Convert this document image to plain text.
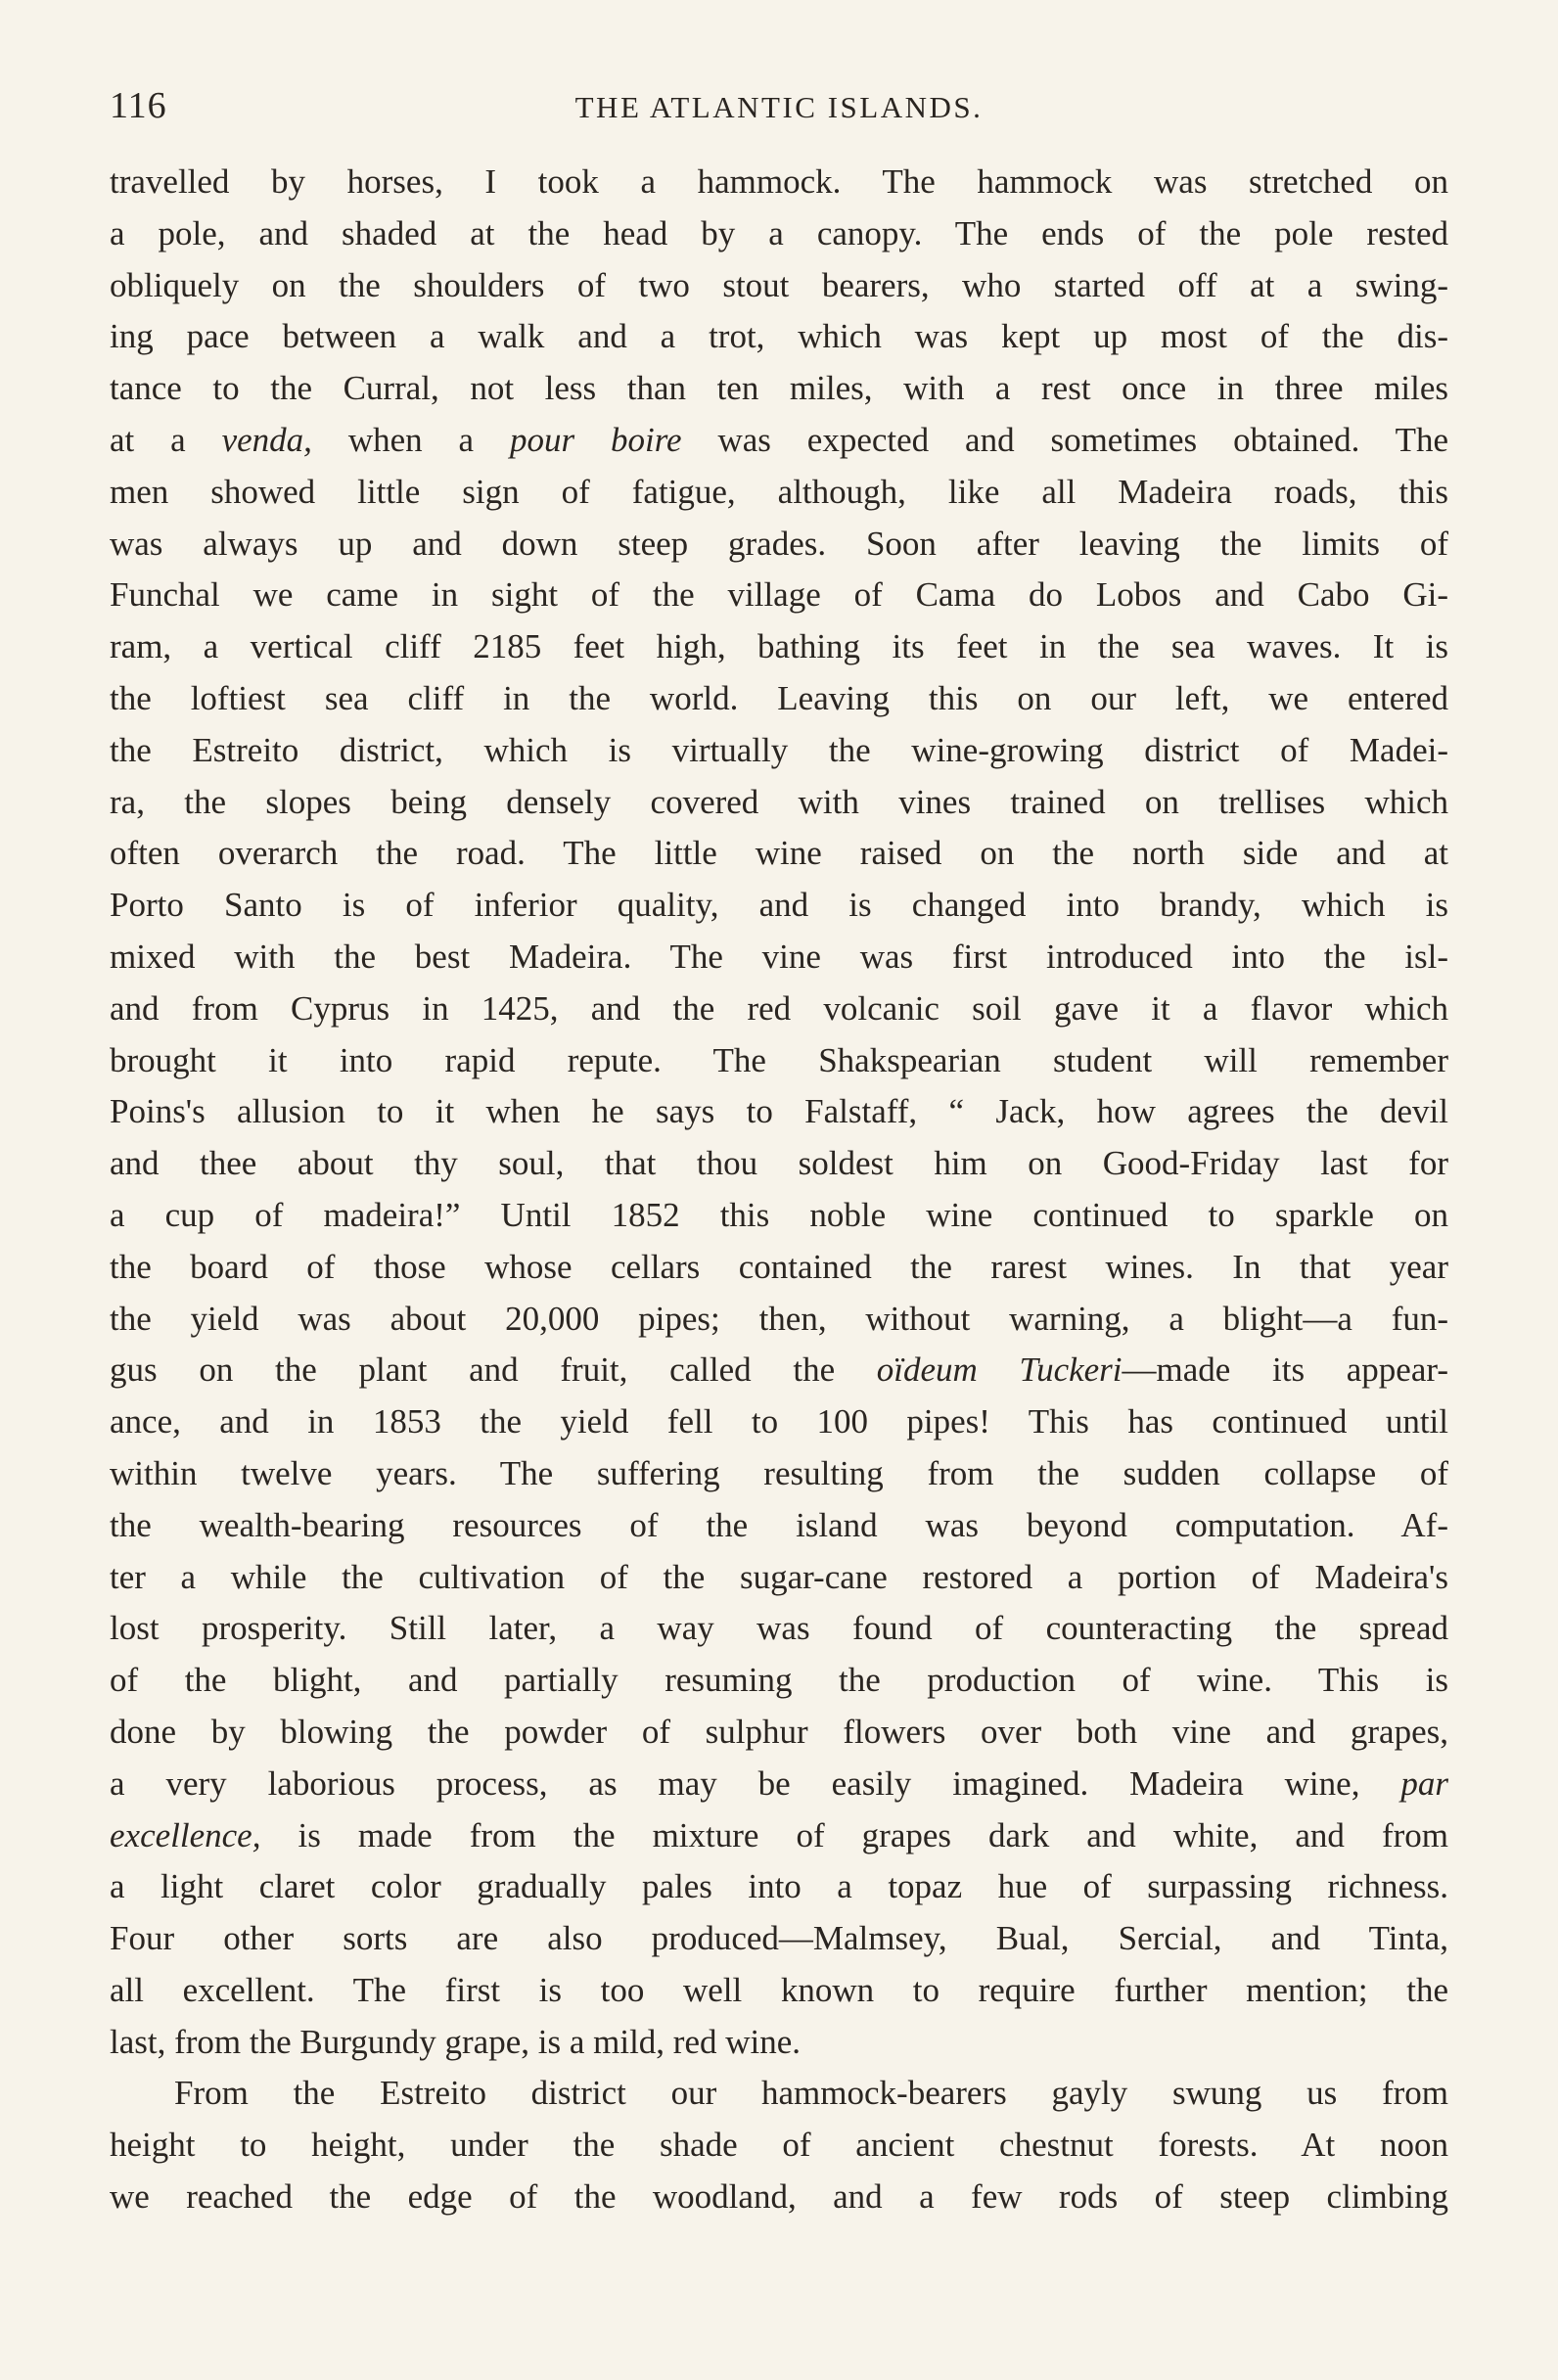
116	THE ATLANTIC ISLANDS.
travelled by horses, I took a hammock. The hammock was stretched on
a pole, and shaded at the head by a canopy. The ends of the pole rested
obliquely on the shoulders of two stout bearers, who started off at a swing-
ing pace between a walk and a trot, which was kept up most of the dis-
tance to the Curral, not less than ten miles, with a rest once in three miles
at a venda, when a pour boire was expected and sometimes obtained. The
men showed little sign of fatigue, although, like all Madeira roads, this
was always up and down steep grades. Soon after leaving the limits of
Funchal we came in sight of the village of Cama do Lobos and Cabo Gi-
ram, a vertical cliff 2185 feet high, bathing its feet in the sea waves. It is
the loftiest sea cliff in the world. Leaving this on our left, we entered
the Estreito district, which is virtually the wine-growing district of Madei-
ra, the slopes being densely covered with vines trained on trellises which
often overarch the road. The little wine raised on the north side and at
Porto Santo is of inferior quality, and is changed into brandy, which is
mixed with the best Madeira. The vine was first introduced into the isl-
and from Cyprus in 1425, and the red volcanic soil gave it a flavor which
brought it into rapid repute. The Shakspearian student will remember
Poins's allusion to it when he says to Falstaff, “ Jack, how agrees the devil
and thee about thy soul, that thou soldest him on Good-Friday last for
a cup of madeira!” Until 1852 this noble wine continued to sparkle on
the board of those whose cellars contained the rarest wines. In that year
the yield was about 20,000 pipes; then, without warning, a blight—a fun-
gus on the plant and fruit, called the oïdeum Tuckeri—made its appear-
ance, and in 1853 the yield fell to 100 pipes! This has continued until
within twelve years. The suffering resulting from the sudden collapse of
the wealth-bearing resources of the island was beyond computation. Af-
ter a while the cultivation of the sugar-cane restored a portion of Madeira's
lost prosperity. Still later, a way was found of counteracting the spread
of the blight, and partially resuming the production of wine. This is
done by blowing the powder of sulphur flowers over both vine and grapes,
a very laborious process, as may be easily imagined. Madeira wine, par
excellence, is made from the mixture of grapes dark and white, and from
a light claret color gradually pales into a topaz hue of surpassing richness.
Four other sorts are also produced—Malmsey, Bual, Sercial, and Tinta,
all excellent. The first is too well known to require further mention; the
last, from the Burgundy grape, is a mild, red wine.
From the Estreito district our hammock-bearers gayly swung us from
height to height, under the shade of ancient chestnut forests. At noon
we reached the edge of the woodland, and a few rods of steep climbing
